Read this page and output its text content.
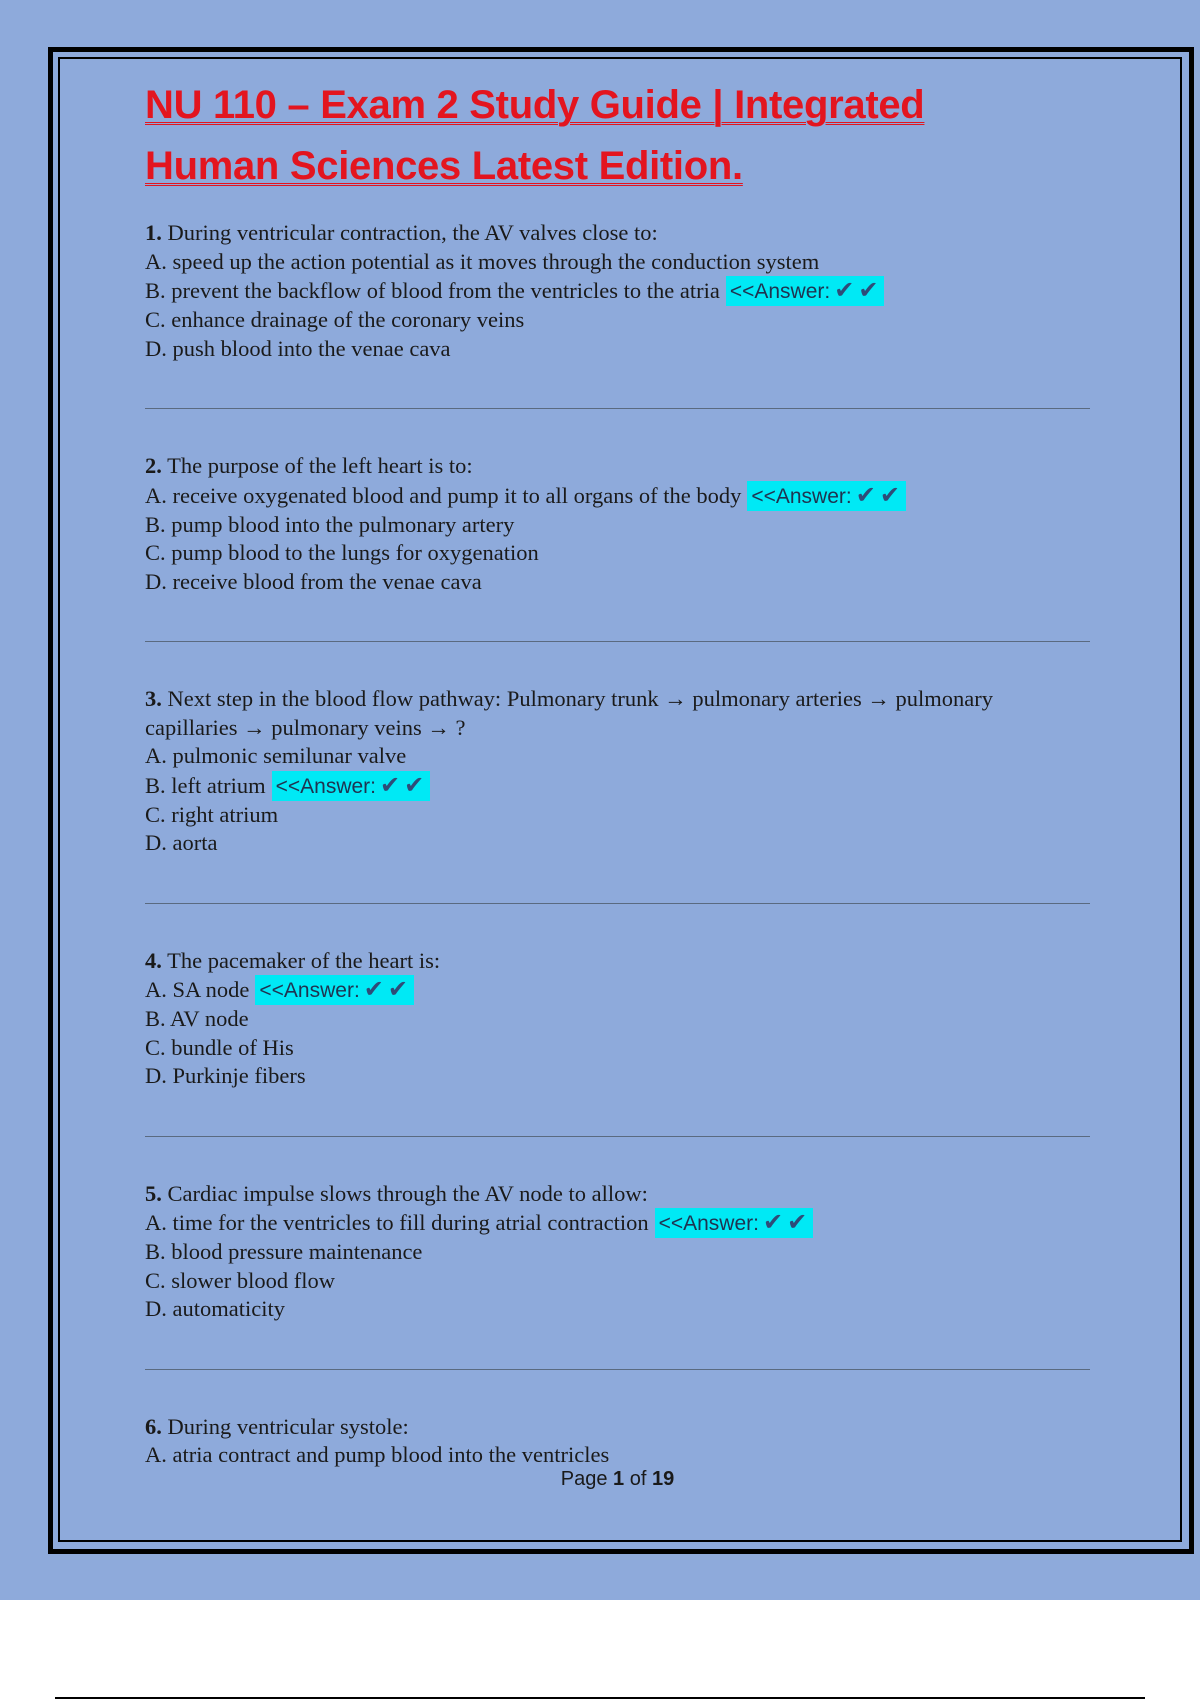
NU 110 – Exam 2 Study Guide | Integrated
Human Sciences Latest Edition.

1. During ventricular contraction, the AV valves close to:

A. speed up the action potential as it moves through the conduction system

B. prevent the backflow of blood from the ventricles to the atria <<Answer: ✔ ✔

C. enhance drainage of the coronary veins

D. push blood into the venae cava

2. The purpose of the left heart is to:

A. receive oxygenated blood and pump it to all organs of the body <<Answer: ✔ ✔

B. pump blood into the pulmonary artery

C. pump blood to the lungs for oxygenation

D. receive blood from the venae cava

3. Next step in the blood flow pathway: Pulmonary trunk → pulmonary arteries → pulmonary capillaries → pulmonary veins → ?

A. pulmonic semilunar valve

B. left atrium <<Answer: ✔ ✔

C. right atrium

D. aorta

4. The pacemaker of the heart is:

A. SA node <<Answer: ✔ ✔

B. AV node

C. bundle of His

D. Purkinje fibers

5. Cardiac impulse slows through the AV node to allow:

A. time for the ventricles to fill during atrial contraction <<Answer: ✔ ✔

B. blood pressure maintenance

C. slower blood flow

D. automaticity

6. During ventricular systole:

A. atria contract and pump blood into the ventricles

Page 1 of 19
